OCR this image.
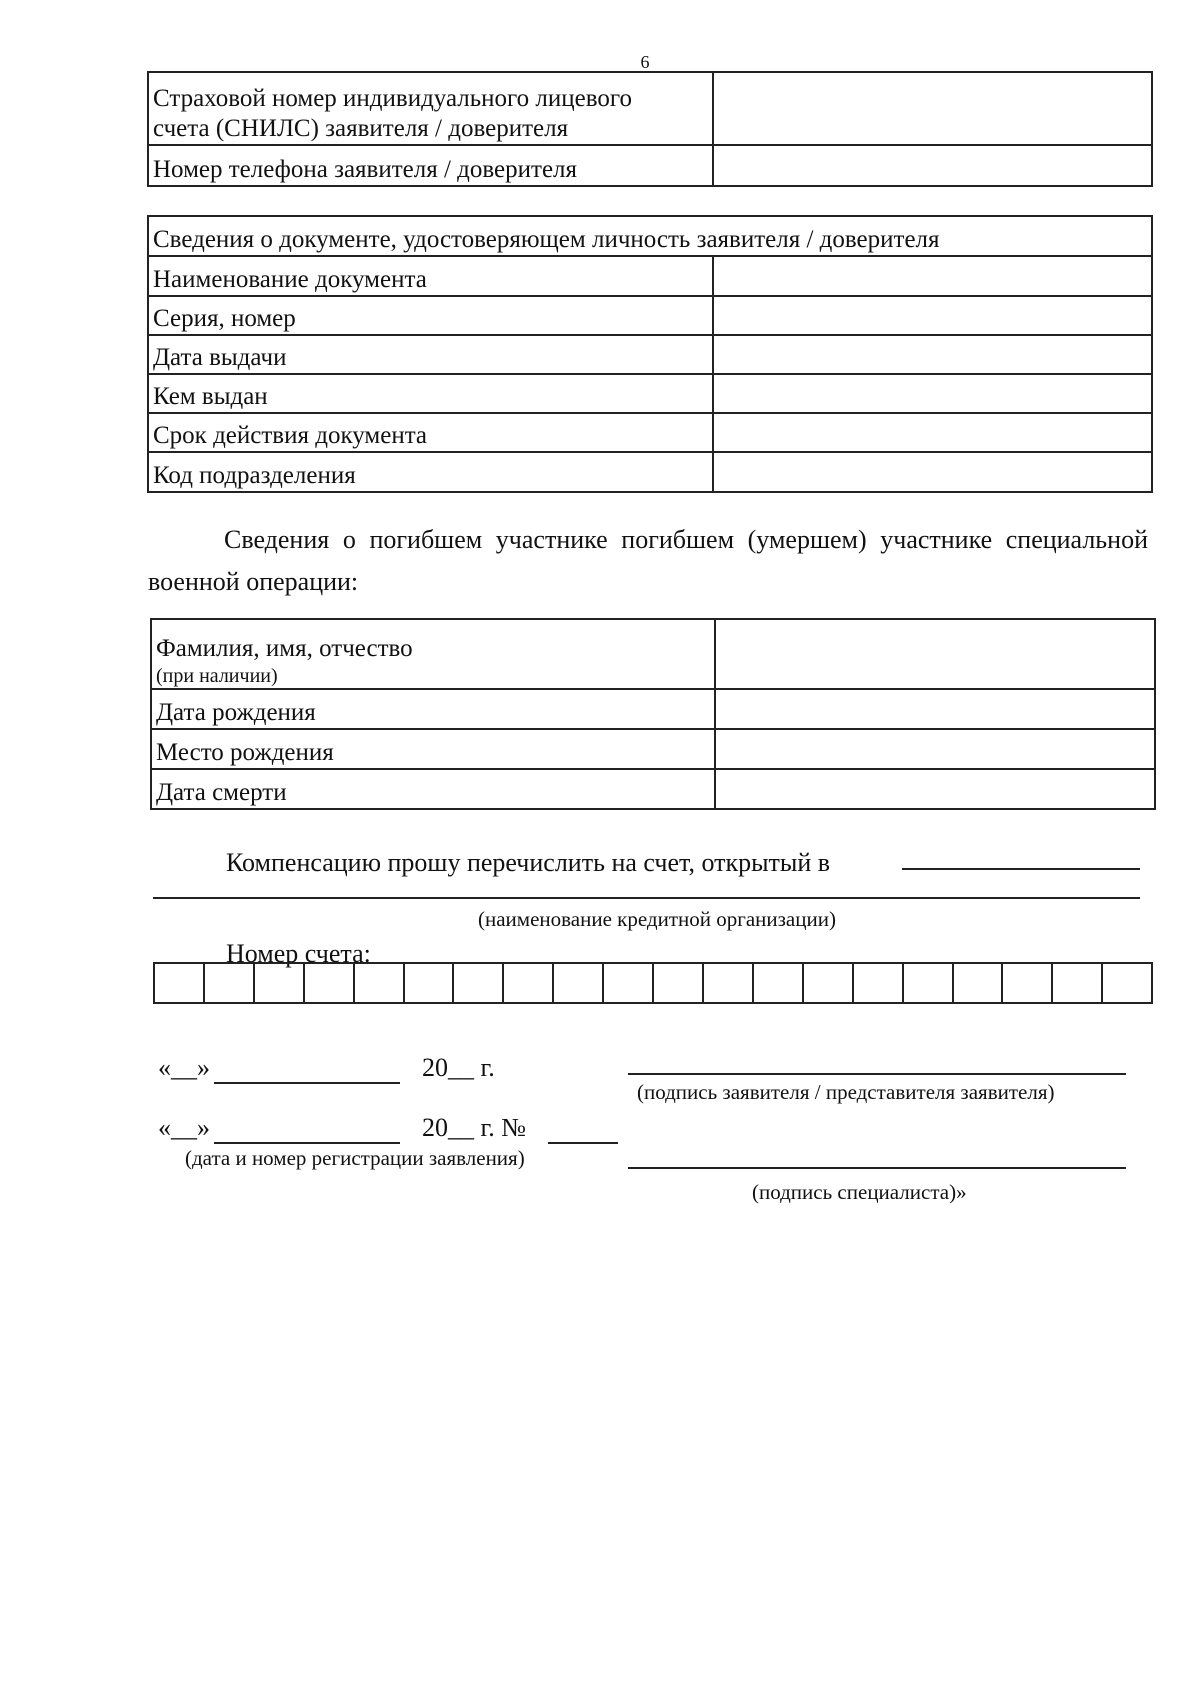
6
Страховой номер индивидуального лицевого
счета (СНИЛС) заявителя / доверителя	

Номер телефона заявителя / доверителя	
Сведения о документе, удостоверяющем личность заявителя / доверителя	
Наименование документа	
Серия, номер	
Дата выдачи	
Кем выдан	
Срок действия документа	
Код подразделения	
Сведения о погибшем участнике погибшем (умершем) участнике специальной военной операции:
Фамилия, имя, отчество
(при наличии)	

Дата рождения	
Место рождения	
Дата смерти	
Компенсацию прошу перечислить на счет, открытый в
(наименование кредитной организации)
Номер счета:
«__»	20__ г.
(подпись заявителя / представителя заявителя)
«__»	20__ г. №
(дата и номер регистрации заявления)
(подпись специалиста)»
